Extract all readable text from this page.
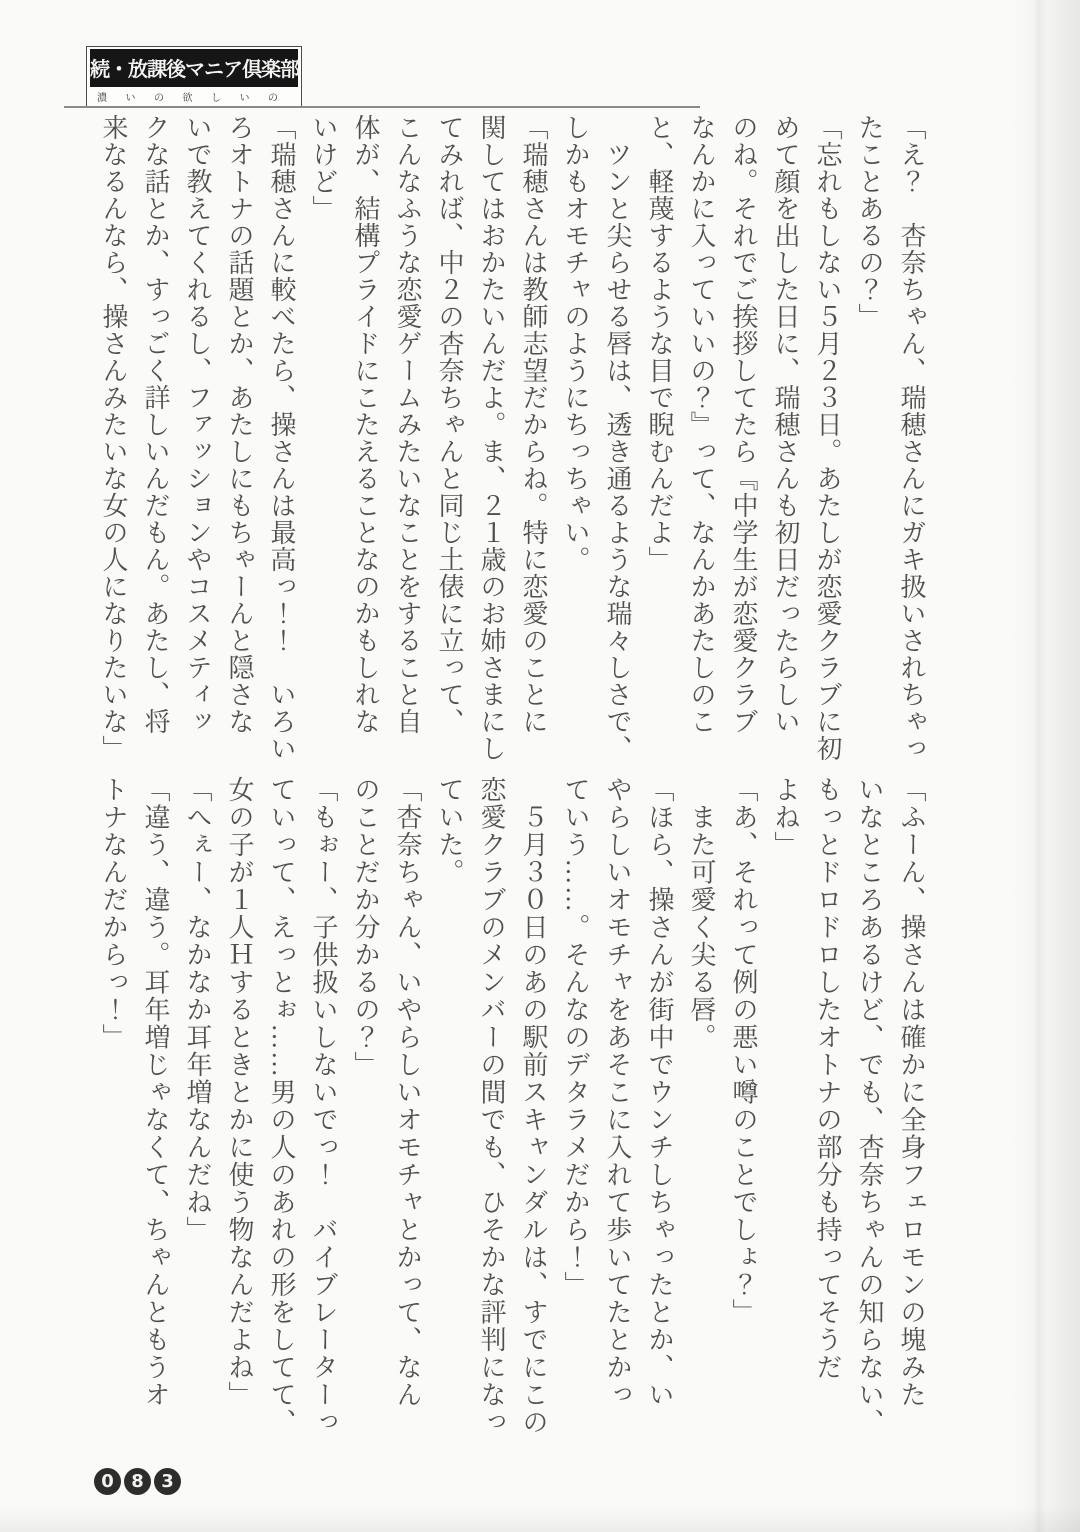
続・放課後マニア倶楽部
濃いの欲しいの
「え？　杏奈ちゃん、瑞穂さんにガキ扱いされちゃっ
たことあるの？」
「忘れもしない５月２３日。あたしが恋愛クラブに初
めて顔を出した日に、瑞穂さんも初日だったらしい
のね。それでご挨拶してたら『中学生が恋愛クラブ
なんかに入っていいの？』って、なんかあたしのこ
と、軽蔑するような目で睨むんだよ」
　ツンと尖らせる唇は、透き通るような瑞々しさで、
しかもオモチャのようにちっちゃい。
「瑞穂さんは教師志望だからね。特に恋愛のことに
関してはおかたいんだよ。ま、２１歳のお姉さまにし
てみれば、中２の杏奈ちゃんと同じ土俵に立って、
こんなふうな恋愛ゲームみたいなことをすること自
体が、結構プライドにこたえることなのかもしれな
いけど」
「瑞穂さんに較べたら、操さんは最高っ！！　いろい
ろオトナの話題とか、あたしにもちゃーんと隠さな
いで教えてくれるし、ファッションやコスメティッ
クな話とか、すっごく詳しいんだもん。あたし、将
来なるんなら、操さんみたいな女の人になりたいな」
「ふーん、操さんは確かに全身フェロモンの塊みた
いなところあるけど、でも、杏奈ちゃんの知らない、
もっとドロドロしたオトナの部分も持ってそうだ
よね」
「あ、それって例の悪い噂のことでしょ？」
　また可愛く尖る唇。
「ほら、操さんが街中でウンチしちゃったとか、い
やらしいオモチャをあそこに入れて歩いてたとかっ
ていう……。そんなのデタラメだから！」
　５月３０日のあの駅前スキャンダルは、すでにこの
恋愛クラブのメンバーの間でも、ひそかな評判になっ
ていた。
「杏奈ちゃん、いやらしいオモチャとかって、なん
のことだか分かるの？」
「もぉー、子供扱いしないでっ！　バイブレーターっ
ていって、えっとぉ……男の人のあれの形をしてて、
女の子が１人Ｈするときとかに使う物なんだよね」
「へぇー、なかなか耳年増なんだね」
「違う、違う。耳年増じゃなくて、ちゃんともうオ
トナなんだからっ！」
0 8 3
